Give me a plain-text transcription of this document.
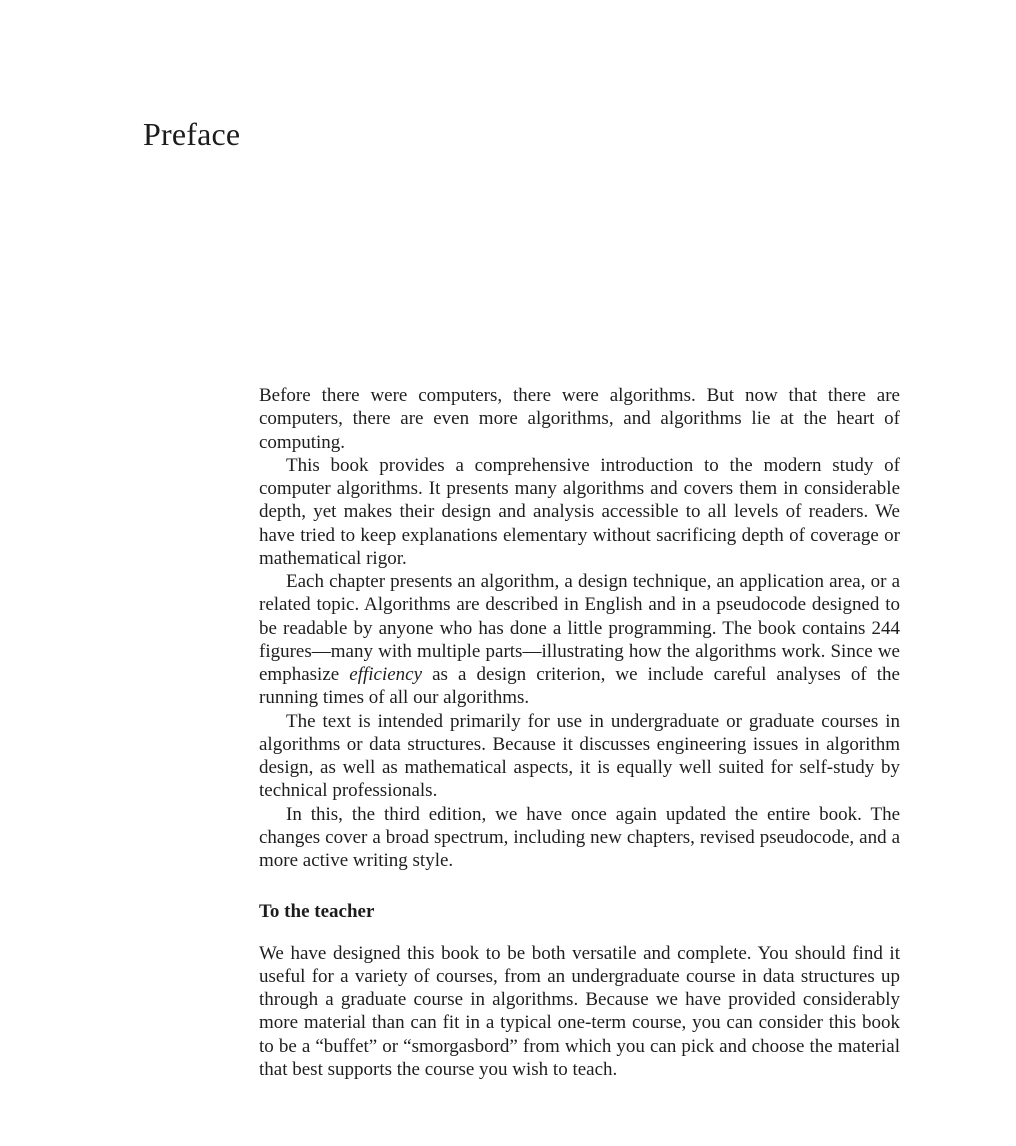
Preface

Before there were computers, there were algorithms. But now that there are computers, there are even more algorithms, and algorithms lie at the heart of computing.

This book provides a comprehensive introduction to the modern study of computer algorithms. It presents many algorithms and covers them in considerable depth, yet makes their design and analysis accessible to all levels of readers. We have tried to keep explanations elementary without sacrificing depth of coverage or mathematical rigor.

Each chapter presents an algorithm, a design technique, an application area, or a related topic. Algorithms are described in English and in a pseudocode designed to be readable by anyone who has done a little programming. The book contains 244 figures—many with multiple parts—illustrating how the algorithms work. Since we emphasize efficiency as a design criterion, we include careful analyses of the running times of all our algorithms.

The text is intended primarily for use in undergraduate or graduate courses in algorithms or data structures. Because it discusses engineering issues in algorithm design, as well as mathematical aspects, it is equally well suited for self-study by technical professionals.

In this, the third edition, we have once again updated the entire book. The changes cover a broad spectrum, including new chapters, revised pseudocode, and a more active writing style.

To the teacher

We have designed this book to be both versatile and complete. You should find it useful for a variety of courses, from an undergraduate course in data structures up through a graduate course in algorithms. Because we have provided considerably more material than can fit in a typical one-term course, you can consider this book to be a “buffet” or “smorgasbord” from which you can pick and choose the material that best supports the course you wish to teach.
